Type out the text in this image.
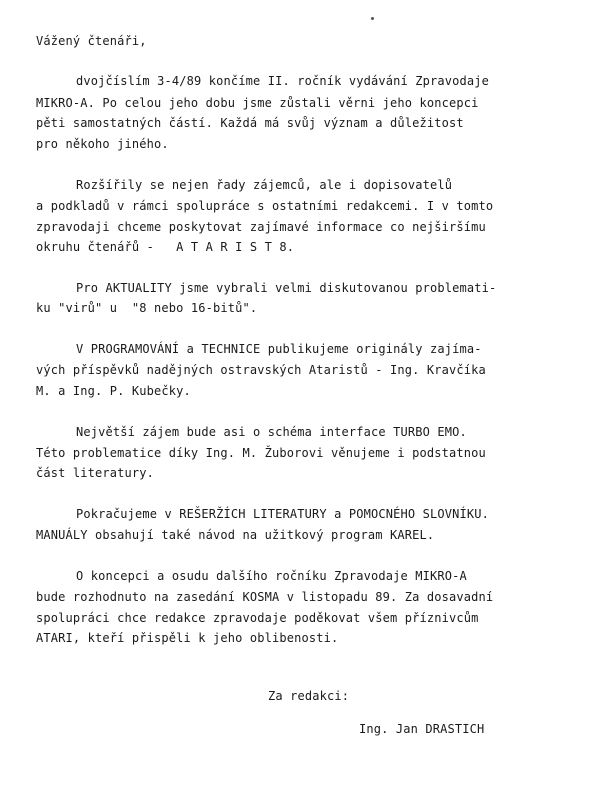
Vážený čtenáři,
dvojčíslím 3-4/89 končíme II. ročník vydávání Zpravodaje
MIKRO-A. Po celou jeho dobu jsme zůstali věrni jeho koncepci
pěti samostatných částí. Každá má svůj význam a důležitost
pro někoho jiného.
Rozšířily se nejen řady zájemců, ale i dopisovatelů
a podkladů v rámci spolupráce s ostatními redakcemi. I v tomto
zpravodaji chceme poskytovat zajímavé informace co nejširšímu
okruhu čtenářů -   A T A R I S T 8.
Pro AKTUALITY jsme vybrali velmi diskutovanou problemati-
ku "virů" u  "8 nebo 16-bitů".
V PROGRAMOVÁNÍ a TECHNICE publikujeme originály zajíma-
vých příspěvků nadějných ostravských Ataristů - Ing. Kravčíka
M. a Ing. P. Kubečky.
Největší zájem bude asi o schéma interface TURBO EMO.
Této problematice díky Ing. M. Žuborovi věnujeme i podstatnou
část literatury.
Pokračujeme v REŠERŽÍCH LITERATURY a POMOCNÉHO SLOVNÍKU.
MANUÁLY obsahují také návod na užitkový program KAREL.
O koncepci a osudu dalšího ročníku Zpravodaje MIKRO-A
bude rozhodnuto na zasedání KOSMA v listopadu 89. Za dosavadní
spolupráci chce redakce zpravodaje poděkovat všem příznivcům
ATARI, kteří přispěli k jeho oblibenosti.
Za redakci:
Ing. Jan DRASTICH
